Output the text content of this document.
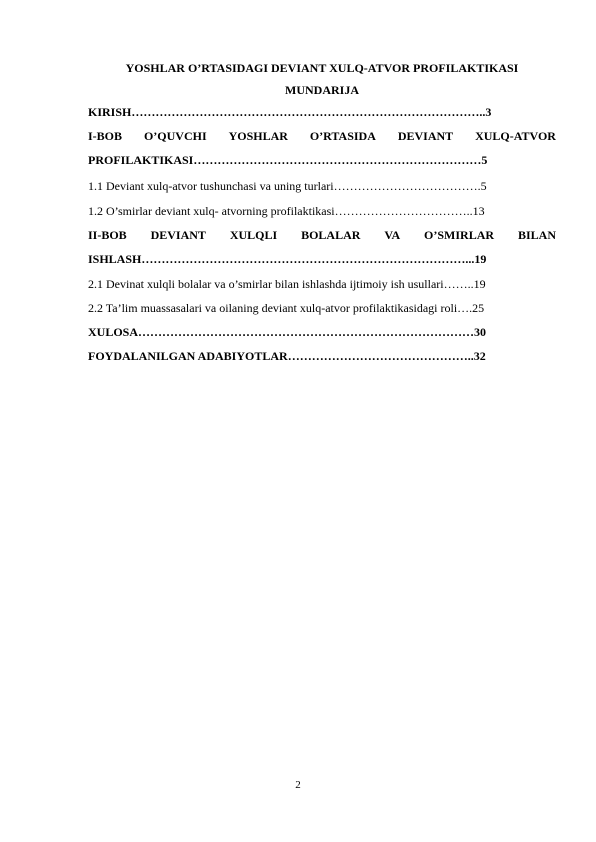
YOSHLAR O’RTASIDAGI DEVIANT XULQ-ATVOR PROFILAKTIKASI
MUNDARIJA
KIRISH……………………………………………………………………………..3
I-BOB O’QUVCHI YOSHLAR O’RTASIDA DEVIANT XULQ-ATVOR
PROFILAKTIKASI………………………………………………………………5
1.1 Deviant xulq-atvor tushunchasi va uning turlari……………………………….5
1.2 O’smirlar deviant xulq- atvorning profilaktikasi……………………………..13
II-BOB DEVIANT XULQLI BOLALAR VA O’SMIRLAR BILAN
ISHLASH………………………………………………………………………...19
2.1 Devinat xulqli bolalar va o’smirlar bilan ishlashda ijtimoiy ish usullari……..19
2.2 Ta’lim muassasalari va oilaning deviant xulq-atvor profilaktikasidagi roli….25
XULOSA…………………………………………………………………………30
FOYDALANILGAN ADABIYOTLAR………………………………………..32
2
